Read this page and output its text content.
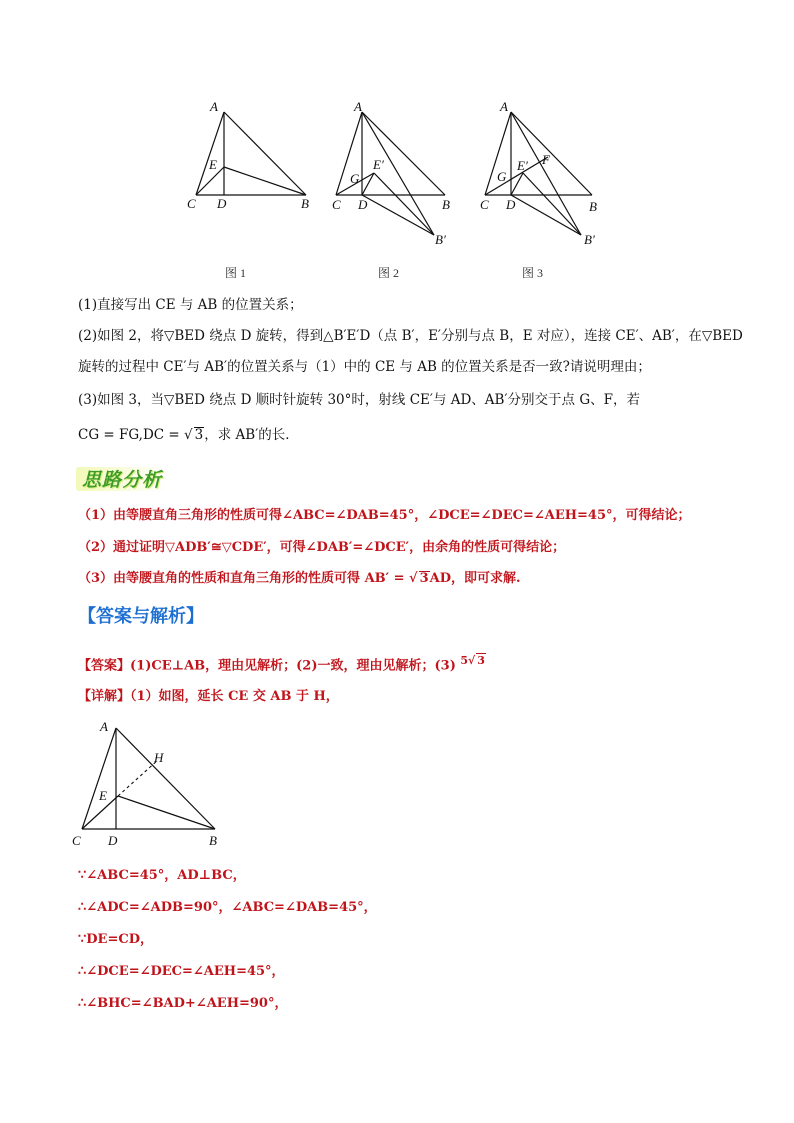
A
E
C D	B
图 1
A
E′
G
C D	B
B′
图 2
A
E′ F
G
C D	B
B′
图 3
(1)直接写出 CE 与 AB 的位置关系；
(2)如图 2，将▽BED 绕点 D 旋转，得到△B′E′D（点 B′，E′分别与点 B，E 对应），连接 CE′、AB′，在▽BED
旋转的过程中 CE′与 AB′的位置关系与（1）中的 CE 与 AB 的位置关系是否一致?请说明理由；
(3)如图 3，当▽BED 绕点 D 顺时针旋转 30°时，射线 CE′与 AD、AB′分别交于点 G、F，若
CG = FG,DC = √ 3，求 AB′的长．
思路分析
（1）由等腰直角三角形的性质可得∠ABC=∠DAB=45°，∠DCE=∠DEC=∠AEH=45°，可得结论；
（2）通过证明▽ADB′≅▽CDE′，可得∠DAB′=∠DCE′，由余角的性质可得结论；
（3）由等腰直角的性质和直角三角形的性质可得 AB′ = √ 3AD，即可求解.
【答案与解析】
【答案】(1)CE⊥AB，理由见解析；(2)一致，理由见解析；(3) $^{5√ 3}$
【详解】（1）如图，延长 CE 交 AB 于 H，
A
H
E
C D	B
∵∠ABC=45°，AD⊥BC，
∴∠ADC=∠ADB=90°，∠ABC=∠DAB=45°，
∵DE=CD，
∴∠DCE=∠DEC=∠AEH=45°，
∴∠BHC=∠BAD+∠AEH=90°，
